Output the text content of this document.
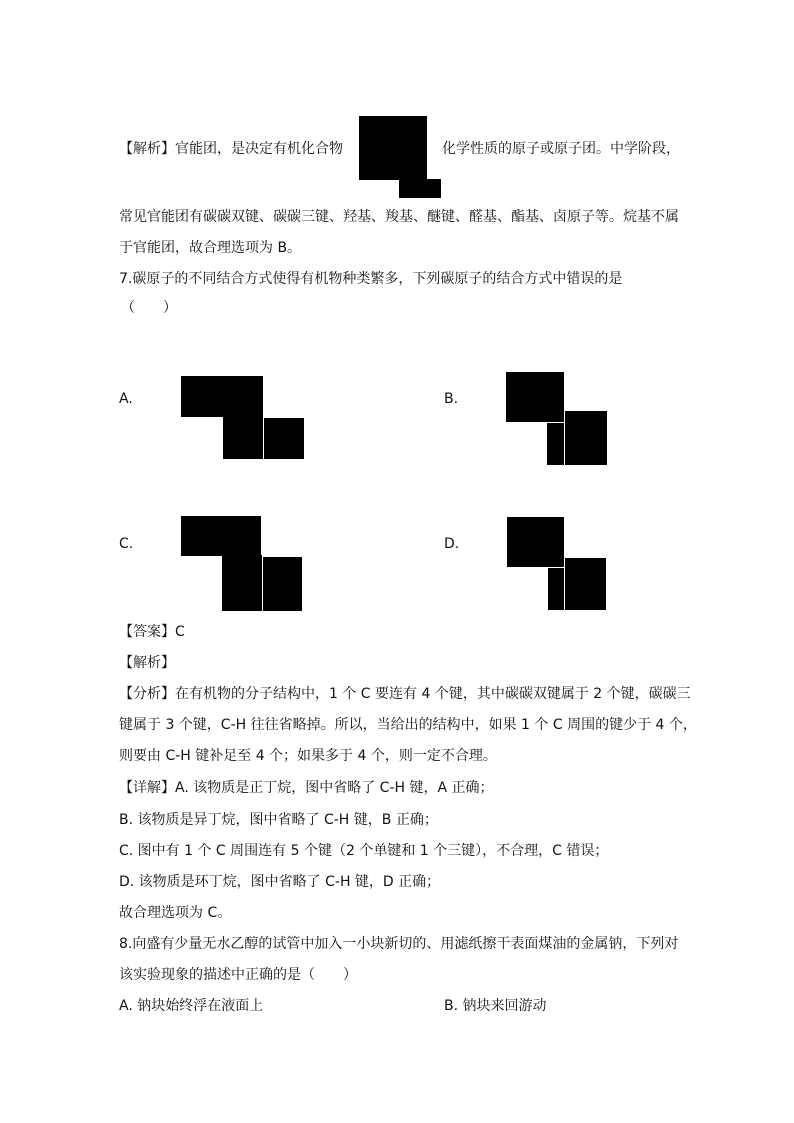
【解析】官能团，是决定有机化合物	化学性质的原子或原子团。中学阶段，
常见官能团有碳碳双键、碳碳三键、羟基、羧基、醚键、醛基、酯基、卤原子等。烷基不属
于官能团，故合理选项为 B。
7.碳原子的不同结合方式使得有机物种类繁多，下列碳原子的结合方式中错误的是
（　　）
A.	B.
C.	D.
【答案】C
【解析】
【分析】在有机物的分子结构中，1 个 C 要连有 4 个键，其中碳碳双键属于 2 个键，碳碳三
键属于 3 个键，C-H 往往省略掉。所以，当给出的结构中，如果 1 个 C 周围的键少于 4 个，
则要由 C-H 键补足至 4 个；如果多于 4 个，则一定不合理。
【详解】A. 该物质是正丁烷，图中省略了 C-H 键，A 正确；
B. 该物质是异丁烷，图中省略了 C-H 键，B 正确；
C. 图中有 1 个 C 周围连有 5 个键（2 个单键和 1 个三键），不合理，C 错误；
D. 该物质是环丁烷，图中省略了 C-H 键，D 正确；
故合理选项为 C。
8.向盛有少量无水乙醇的试管中加入一小块新切的、用滤纸擦干表面煤油的金属钠，下列对
该实验现象的描述中正确的是（　　）
A. 钠块始终浮在液面上	B. 钠块来回游动
